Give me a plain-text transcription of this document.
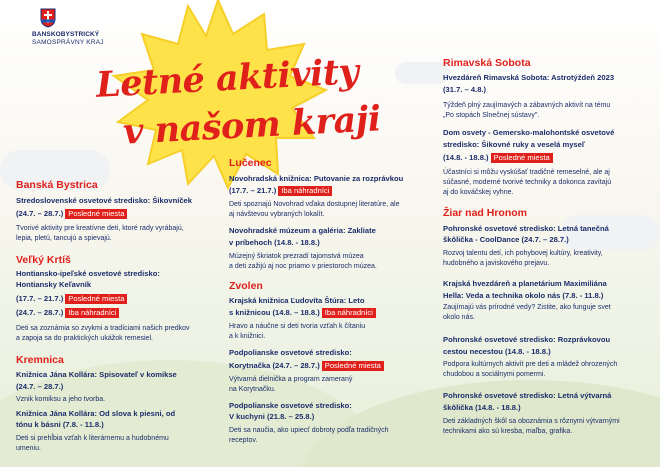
BANSKOBYSTRICKÝ
SAMOSPRÁVNY KRAJ
Letné aktivity
v našom kraji
Banská Bystrica
Stredoslovenské osvetové stredisko: Šikovníček
(24.7. – 28.7.) Posledné miesta
Tvorivé aktivity pre kreatívne deti, ktoré rady vyrábajú,
lepia, pletú, tancujú a spievajú.
Veľký Krtíš
Hontiansko-ipeľské osvetové stredisko:
Hontiansky Keľavník
(17.7. – 21.7.) Posledné miesta
(24.7. – 28.7.) Iba náhradníci
Deti sa zoznámia so zvykmi a tradíciami našich predkov
a zapoja sa do praktických ukážok remesiel.
Kremnica
Knižnica Jána Kollára: Spisovateľ v komikse
(24.7. – 28.7.)
Vznik komiksu a jeho tvorba.
Knižnica Jána Kollára: Od slova k piesni, od
tónu k básni (7.8. - 11.8.)
Deti si prehĺbia vzťah k literárnemu a hudobnému
umeniu.
Lučenec
Novohradská knižnica: Putovanie za rozprávkou
(17.7. – 21.7.) Iba náhradníci
Deti spoznajú Novohrad vďaka dostupnej literatúre, ale
aj návštevou vybraných lokalít.
Novohradské múzeum a galéria: Zakliate
v príbehoch (14.8. - 18.8.)
Múzejný škriatok prezradí tajomstvá múzea
a deti zažijú aj noc priamo v priestoroch múzea.
Zvolen
Krajská knižnica Ľudovíta Štúra: Leto
s knižnicou (14.8. – 18.8.) Iba náhradníci
Hravo a náučne si deti tvoria vzťah k čítaniu
a k knižnici.
Podpolianske osvetové stredisko:
Korytnačka (24.7. – 28.7.) Posledné miesta
Výtvarná dielnička a program zameraný
na Korytnačku.
Podpolianske osvetové stredisko:
V kuchyni (21.8. – 25.8.)
Deti sa naučia, ako upiecť dobroty podľa tradičných
receptov.
Rimavská Sobota
Hvezdáreň Rimavská Sobota: Astrotýždeň 2023
(31.7. – 4.8.)
Týždeň plný zaujímavých a zábavných aktivít na tému
„Po stopách Slnečnej sústavy".
Dom osvety - Gemersko-malohontské osvetové
stredisko: Šikovné ruky a veselá myseľ
(14.8. - 18.8.) Posledné miesta
Účastníci si môžu vyskúšať tradičné remeselné, ale aj
súčasné, moderné tvorivé techniky a dokonca zavítajú
aj do kováčskej vyhne.
Žiar nad Hronom
Pohronské osvetové stredisko: Letná tanečná
škôlička - CoolDance (24.7. – 28.7.)
Rozvoj talentu detí, ich pohybovej kultúry, kreativity,
hudobného a javiskového prejavu.
Krajská hvezdáreň a planetárium Maximiliána
Hella: Veda a technika okolo nás (7.8. - 11.8.)
Zaujímajú vás prírodné vedy? Zistite, ako funguje svet
okolo nás.
Pohronské osvetové stredisko: Rozprávkovou
cestou necestou (14.8. - 18.8.)
Podpora kultúrnych aktivít pre deti a mládež ohrozených
chudobou a sociálnymi pomermi.
Pohronské osvetové stredisko: Letná výtvarná
škôlička (14.8. - 18.8.)
Deti základných škôl sa oboznámia s rôznymi výtvarnými
technikami ako sú kresba, maľba, grafika.
